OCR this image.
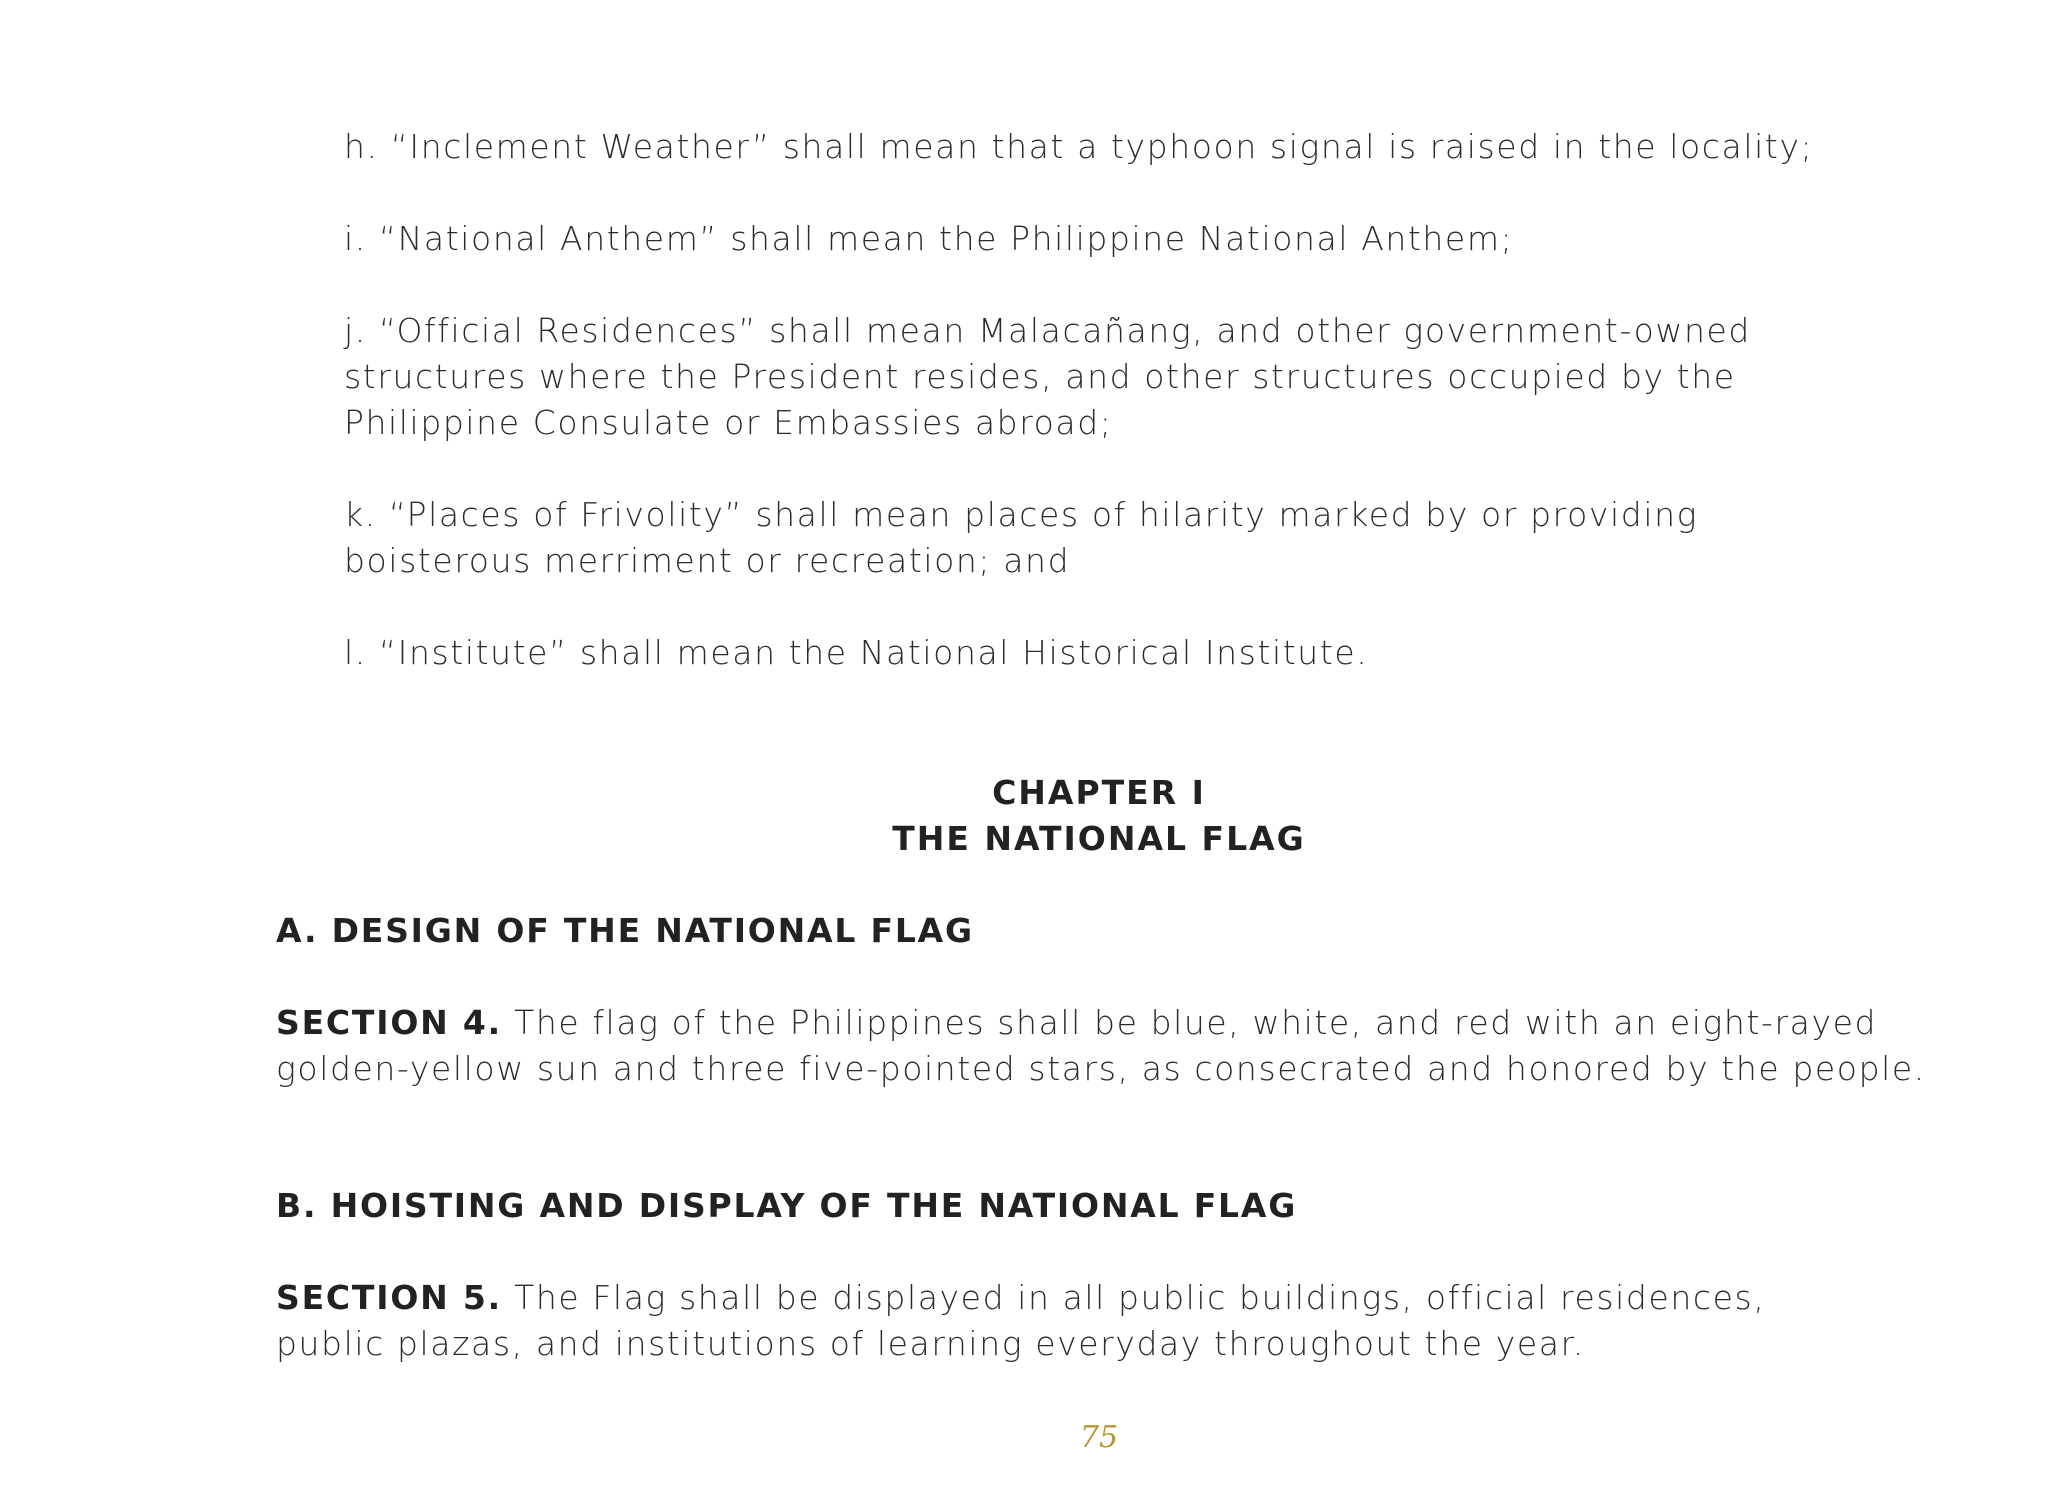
h. “Inclement Weather” shall mean that a typhoon signal is raised in the locality;

i. “National Anthem” shall mean the Philippine National Anthem;

j. “Official Residences” shall mean Malacañang, and other government-owned structures where the President resides, and other structures occupied by the Philippine Consulate or Embassies abroad;

k. “Places of Frivolity” shall mean places of hilarity marked by or providing boisterous merriment or recreation; and

l. “Institute” shall mean the National Historical Institute.

CHAPTER I
THE NATIONAL FLAG
A. DESIGN OF THE NATIONAL FLAG
SECTION 4. The flag of the Philippines shall be blue, white, and red with an eight-rayed golden-yellow sun and three five-pointed stars, as consecrated and honored by the people.
B. HOISTING AND DISPLAY OF THE NATIONAL FLAG
SECTION 5. The Flag shall be displayed in all public buildings, official residences, public plazas, and institutions of learning everyday throughout the year.
75
